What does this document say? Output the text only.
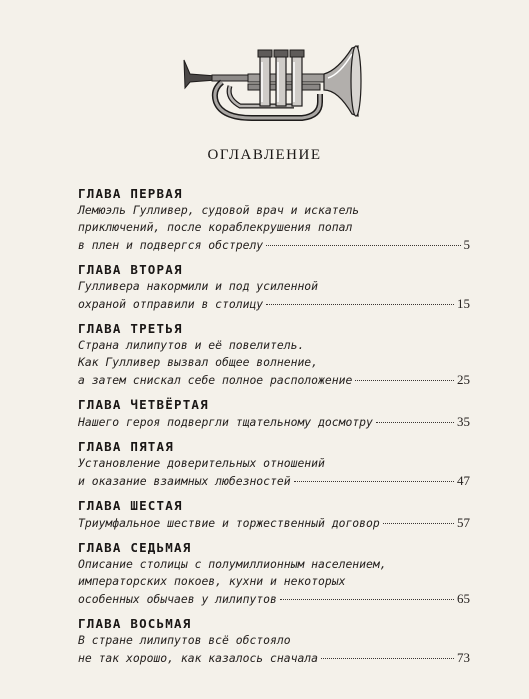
оглавление
ГЛАВА ПЕРВАЯ
Лемюэль Гулливер, судовой врач и искатель
приключений, после кораблекрушения попал
в плен и подвергся обстрелу	5
ГЛАВА ВТОРАЯ
Гулливера накормили и под усиленной
охраной отправили в столицу	15
ГЛАВА ТРЕТЬЯ
Страна лилипутов и её повелитель.
Как Гулливер вызвал общее волнение,
а затем снискал себе полное расположение	25
ГЛАВА ЧЕТВЁРТАЯ
Нашего героя подвергли тщательному досмотру	35
ГЛАВА ПЯТАЯ
Установление доверительных отношений
и оказание взаимных любезностей	47
ГЛАВА ШЕСТАЯ
Триумфальное шествие и торжественный договор	57
ГЛАВА СЕДЬМАЯ
Описание столицы с полумиллионным населением,
императорских покоев, кухни и некоторых
особенных обычаев у лилипутов	65
ГЛАВА ВОСЬМАЯ
В стране лилипутов всё обстояло
не так хорошо, как казалось сначала	73
